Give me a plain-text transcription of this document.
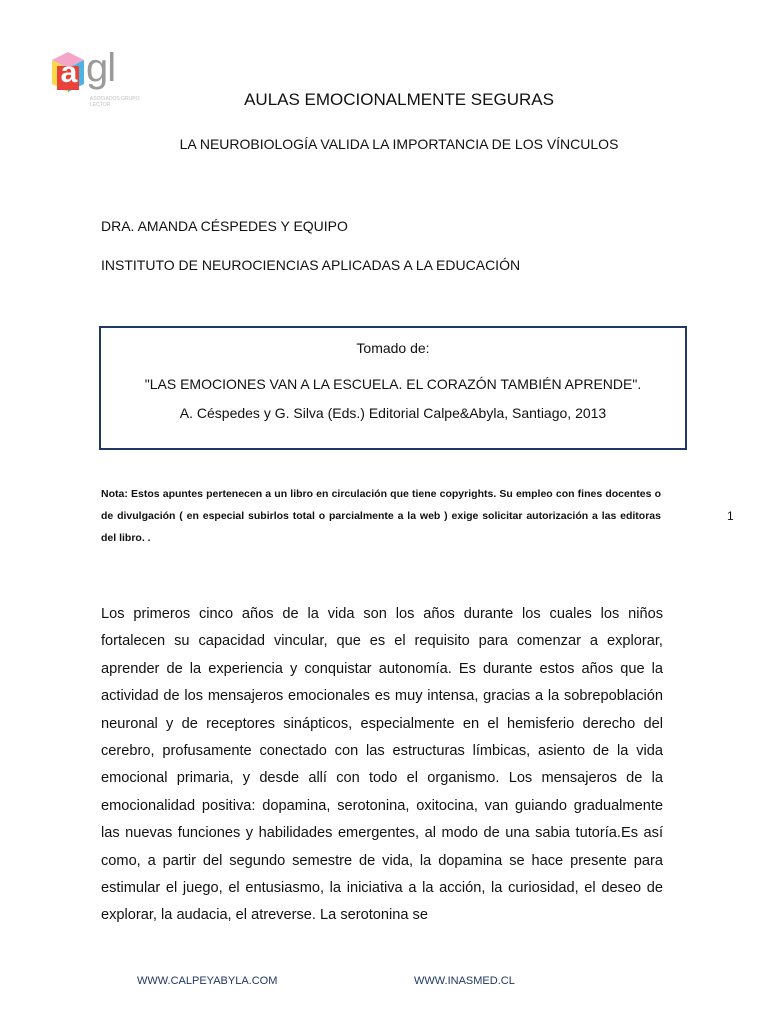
a gl
ASOCIADOS GRUPO LECTOR	AULAS EMOCIONALMENTE SEGURAS
LA NEUROBIOLOGÍA VALIDA LA IMPORTANCIA DE LOS VÍNCULOS
DRA. AMANDA CÉSPEDES Y EQUIPO
INSTITUTO DE NEUROCIENCIAS APLICADAS A LA EDUCACIÓN
Tomado de:
"LAS EMOCIONES VAN A LA ESCUELA. EL CORAZÓN TAMBIÉN APRENDE".
A. Céspedes y G. Silva (Eds.) Editorial Calpe&Abyla, Santiago, 2013
Nota: Estos apuntes pertenecen a un libro en circulación que tiene copyrights. Su empleo con fines docentes o de divulgación ( en especial subirlos total o parcialmente a la web ) exige solicitar autorización a las editoras del libro. .
1

Los primeros cinco años de la vida son los años durante los cuales los niños fortalecen su capacidad vincular, que es el requisito para comenzar a explorar, aprender de la experiencia y conquistar autonomía. Es durante estos años que la actividad de los mensajeros emocionales es muy intensa, gracias a la sobrepoblación neuronal y de receptores sinápticos, especialmente en el hemisferio derecho del cerebro, profusamente conectado con las estructuras límbicas, asiento de la vida emocional primaria, y desde allí con todo el organismo. Los mensajeros de la emocionalidad positiva: dopamina, serotonina, oxitocina, van guiando gradualmente las nuevas funciones y habilidades emergentes, al modo de una sabia tutoría.Es así como, a partir del segundo semestre de vida, la dopamina se hace presente para estimular el juego, el entusiasmo, la iniciativa a la acción, la curiosidad, el deseo de explorar, la audacia, el atreverse. La serotonina se

WWW.CALPEYABYLA.COM	WWW.INASMED.CL
